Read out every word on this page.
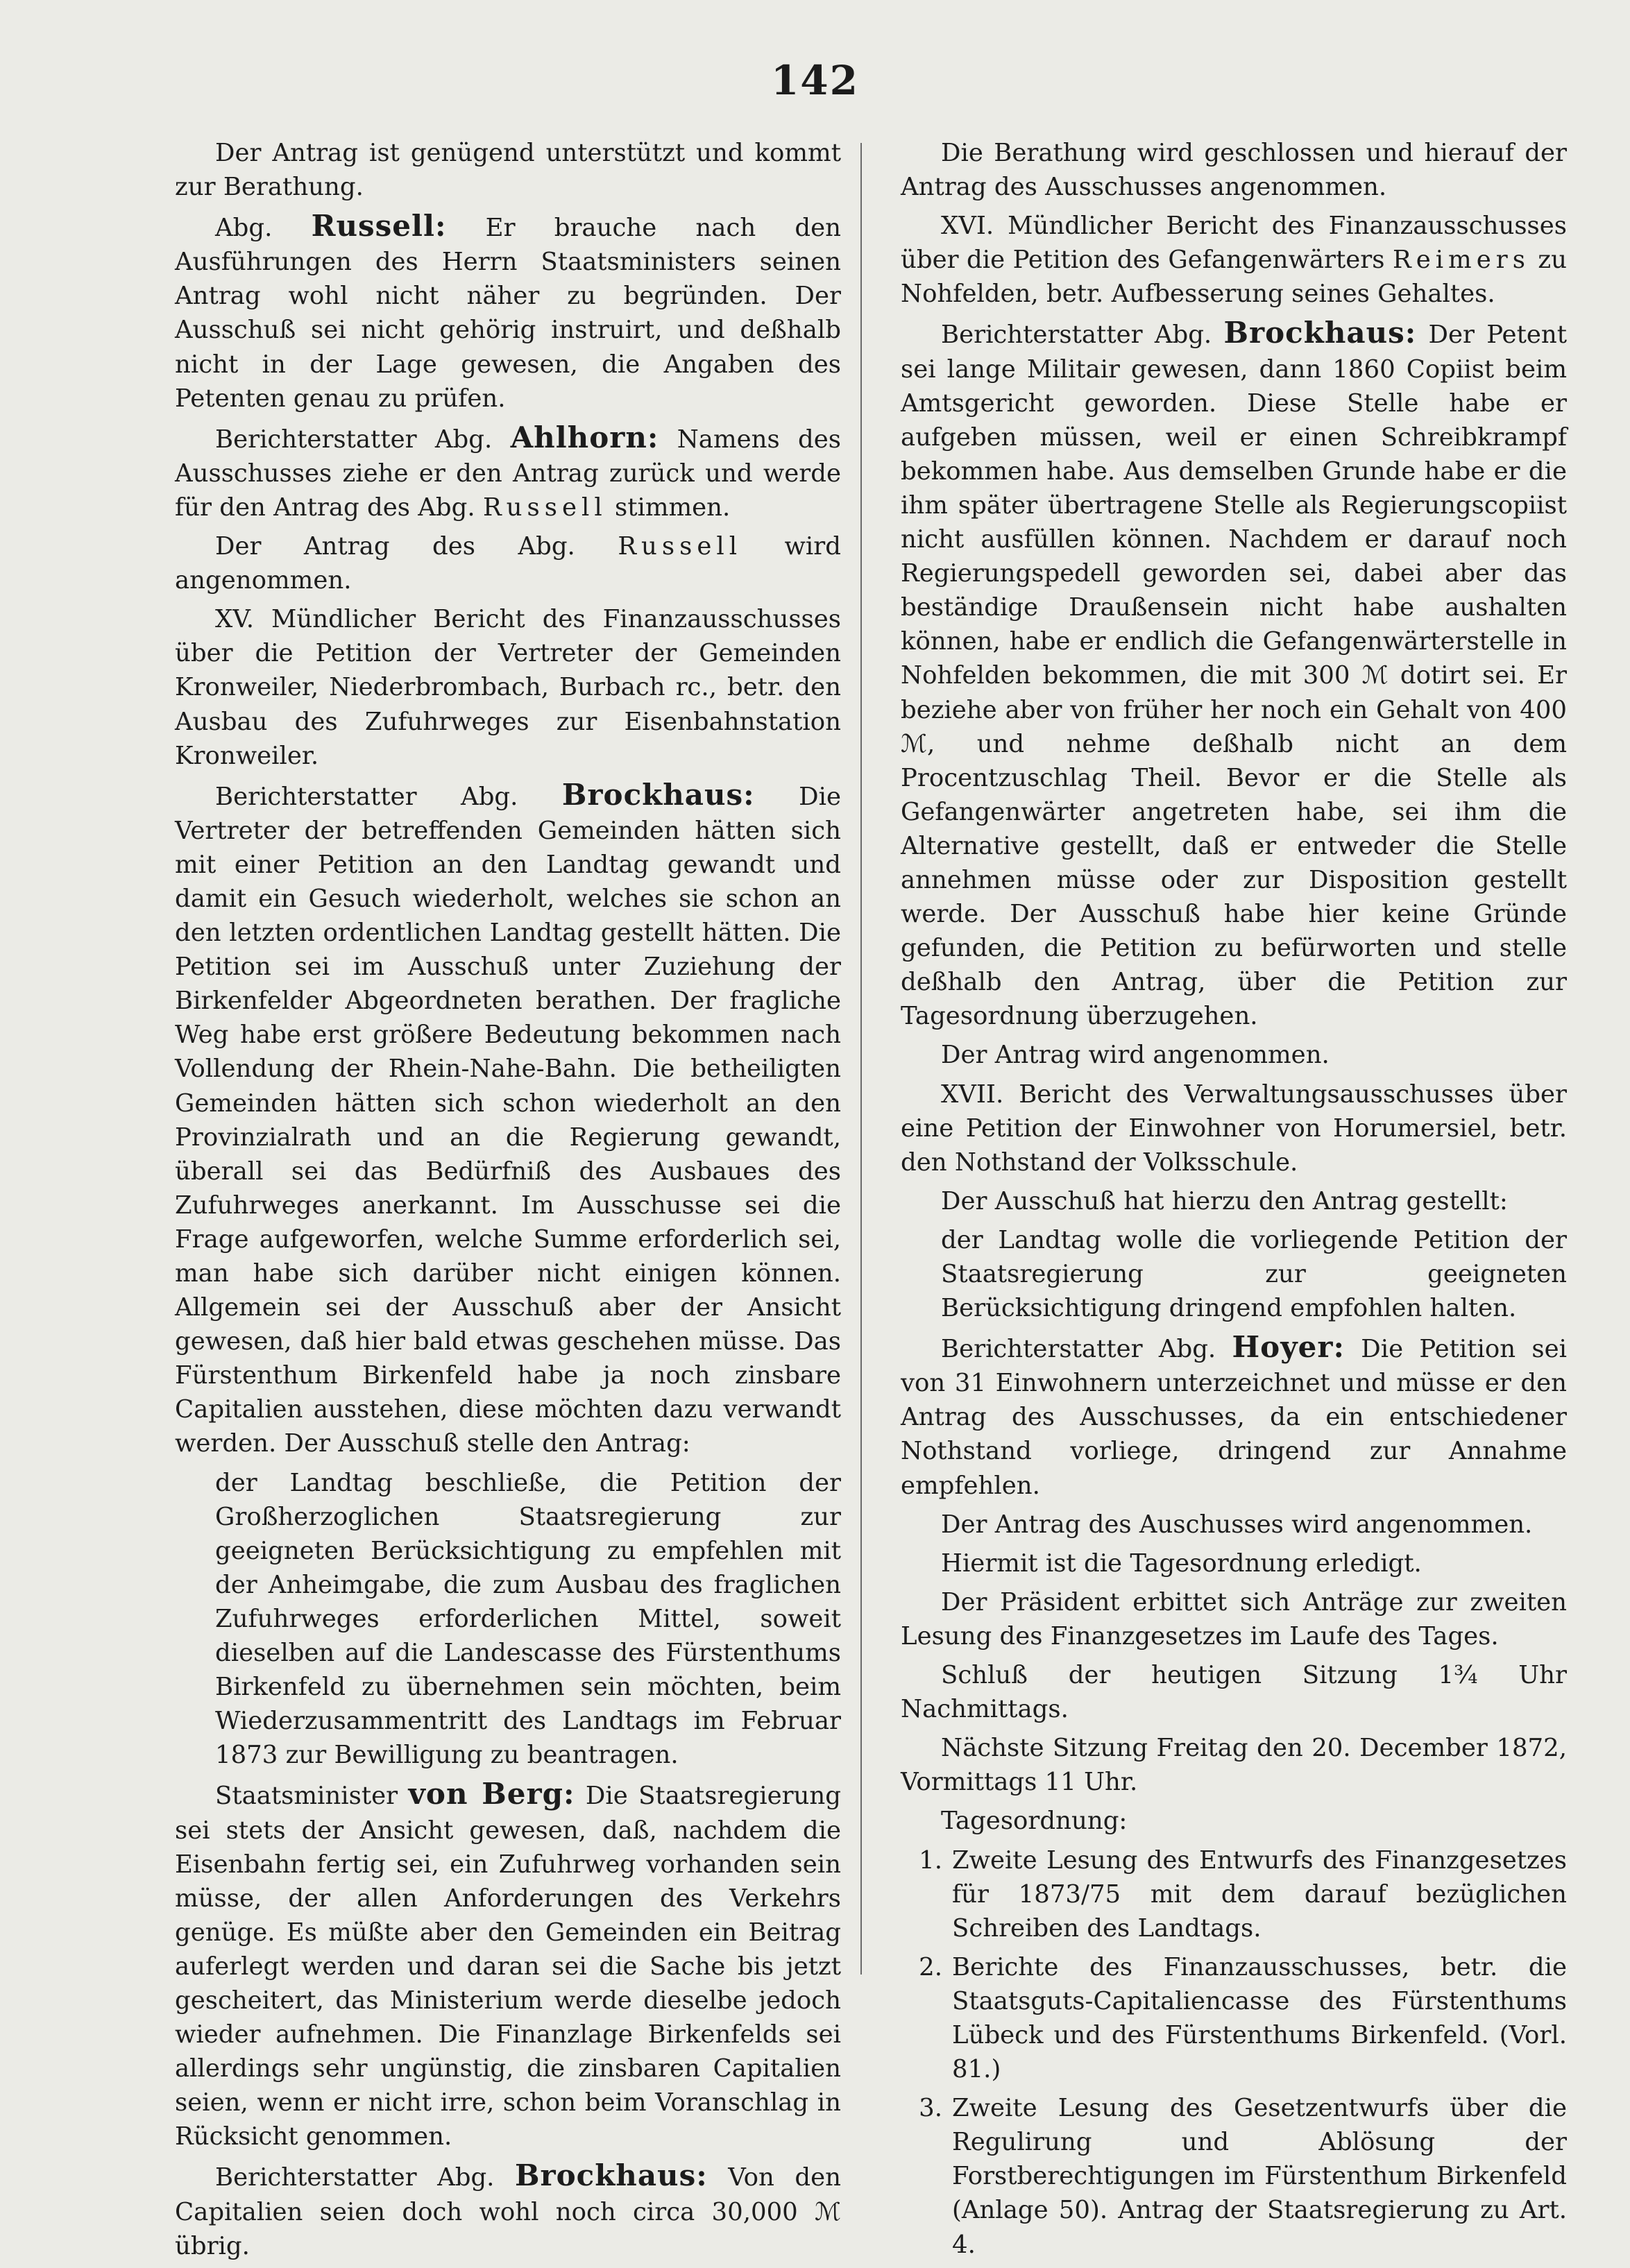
142

Der Antrag ist genügend unterstützt und kommt zur Berathung.

Abg. Russell: Er brauche nach den Ausführungen des Herrn Staatsministers seinen Antrag wohl nicht näher zu begründen. Der Ausschuß sei nicht gehörig instruirt, und deßhalb nicht in der Lage gewesen, die Angaben des Petenten genau zu prüfen.

Berichterstatter Abg. Ahlhorn: Namens des Ausschusses ziehe er den Antrag zurück und werde für den Antrag des Abg. Russell stimmen.

Der Antrag des Abg. Russell wird angenommen.

XV. Mündlicher Bericht des Finanzausschusses über die Petition der Vertreter der Gemeinden Kronweiler, Niederbrombach, Burbach rc., betr. den Ausbau des Zufuhrweges zur Eisenbahnstation Kronweiler.

Berichterstatter Abg. Brockhaus: Die Vertreter der betreffenden Gemeinden hätten sich mit einer Petition an den Landtag gewandt und damit ein Gesuch wiederholt, welches sie schon an den letzten ordentlichen Landtag gestellt hätten. Die Petition sei im Ausschuß unter Zuziehung der Birkenfelder Abgeordneten berathen. Der fragliche Weg habe erst größere Bedeutung bekommen nach Vollendung der Rhein-Nahe-Bahn. Die betheiligten Gemeinden hätten sich schon wiederholt an den Provinzialrath und an die Regierung gewandt, überall sei das Bedürfniß des Ausbaues des Zufuhrweges anerkannt. Im Ausschusse sei die Frage aufgeworfen, welche Summe erforderlich sei, man habe sich darüber nicht einigen können. Allgemein sei der Ausschuß aber der Ansicht gewesen, daß hier bald etwas geschehen müsse. Das Fürstenthum Birkenfeld habe ja noch zinsbare Capitalien ausstehen, diese möchten dazu verwandt werden. Der Ausschuß stelle den Antrag:

der Landtag beschließe, die Petition der Großherzoglichen Staatsregierung zur geeigneten Berücksichtigung zu empfehlen mit der Anheimgabe, die zum Ausbau des fraglichen Zufuhrweges erforderlichen Mittel, soweit dieselben auf die Landescasse des Fürstenthums Birkenfeld zu übernehmen sein möchten, beim Wiederzusammentritt des Landtags im Februar 1873 zur Bewilligung zu beantragen.

Staatsminister von Berg: Die Staatsregierung sei stets der Ansicht gewesen, daß, nachdem die Eisenbahn fertig sei, ein Zufuhrweg vorhanden sein müsse, der allen Anforderungen des Verkehrs genüge. Es müßte aber den Gemeinden ein Beitrag auferlegt werden und daran sei die Sache bis jetzt gescheitert, das Ministerium werde dieselbe jedoch wieder aufnehmen. Die Finanzlage Birkenfelds sei allerdings sehr ungünstig, die zinsbaren Capitalien seien, wenn er nicht irre, schon beim Voranschlag in Rücksicht genommen.

Berichterstatter Abg. Brockhaus: Von den Capitalien seien doch wohl noch circa 30,000 ℳ übrig.

Die Berathung wird geschlossen und hierauf der Antrag des Ausschusses angenommen.

XVI. Mündlicher Bericht des Finanzausschusses über die Petition des Gefangenwärters Reimers zu Nohfelden, betr. Aufbesserung seines Gehaltes.

Berichterstatter Abg. Brockhaus: Der Petent sei lange Militair gewesen, dann 1860 Copiist beim Amtsgericht geworden. Diese Stelle habe er aufgeben müssen, weil er einen Schreibkrampf bekommen habe. Aus demselben Grunde habe er die ihm später übertragene Stelle als Regierungscopiist nicht ausfüllen können. Nachdem er darauf noch Regierungspedell geworden sei, dabei aber das beständige Draußensein nicht habe aushalten können, habe er endlich die Gefangenwärterstelle in Nohfelden bekommen, die mit 300 ℳ dotirt sei. Er beziehe aber von früher her noch ein Gehalt von 400 ℳ, und nehme deßhalb nicht an dem Procentzuschlag Theil. Bevor er die Stelle als Gefangenwärter angetreten habe, sei ihm die Alternative gestellt, daß er entweder die Stelle annehmen müsse oder zur Disposition gestellt werde. Der Ausschuß habe hier keine Gründe gefunden, die Petition zu befürworten und stelle deßhalb den Antrag, über die Petition zur Tagesordnung überzugehen.

Der Antrag wird angenommen.

XVII. Bericht des Verwaltungsausschusses über eine Petition der Einwohner von Horumersiel, betr. den Nothstand der Volksschule.

Der Ausschuß hat hierzu den Antrag gestellt:

der Landtag wolle die vorliegende Petition der Staatsregierung zur geeigneten Berücksichtigung dringend empfohlen halten.

Berichterstatter Abg. Hoyer: Die Petition sei von 31 Einwohnern unterzeichnet und müsse er den Antrag des Ausschusses, da ein entschiedener Nothstand vorliege, dringend zur Annahme empfehlen.

Der Antrag des Auschusses wird angenommen.

Hiermit ist die Tagesordnung erledigt.

Der Präsident erbittet sich Anträge zur zweiten Lesung des Finanzgesetzes im Laufe des Tages.

Schluß der heutigen Sitzung 1¾ Uhr Nachmittags.

Nächste Sitzung Freitag den 20. December 1872, Vormittags 11 Uhr.

Tagesordnung:

1. Zweite Lesung des Entwurfs des Finanzgesetzes für 1873/75 mit dem darauf bezüglichen Schreiben des Landtags.
2. Berichte des Finanzausschusses, betr. die Staatsguts-Capitaliencasse des Fürstenthums Lübeck und des Fürstenthums Birkenfeld. (Vorl. 81.)
3. Zweite Lesung des Gesetzentwurfs über die Regulirung und Ablösung der Forstberechtigungen im Fürstenthum Birkenfeld (Anlage 50). Antrag der Staatsregierung zu Art. 4.
